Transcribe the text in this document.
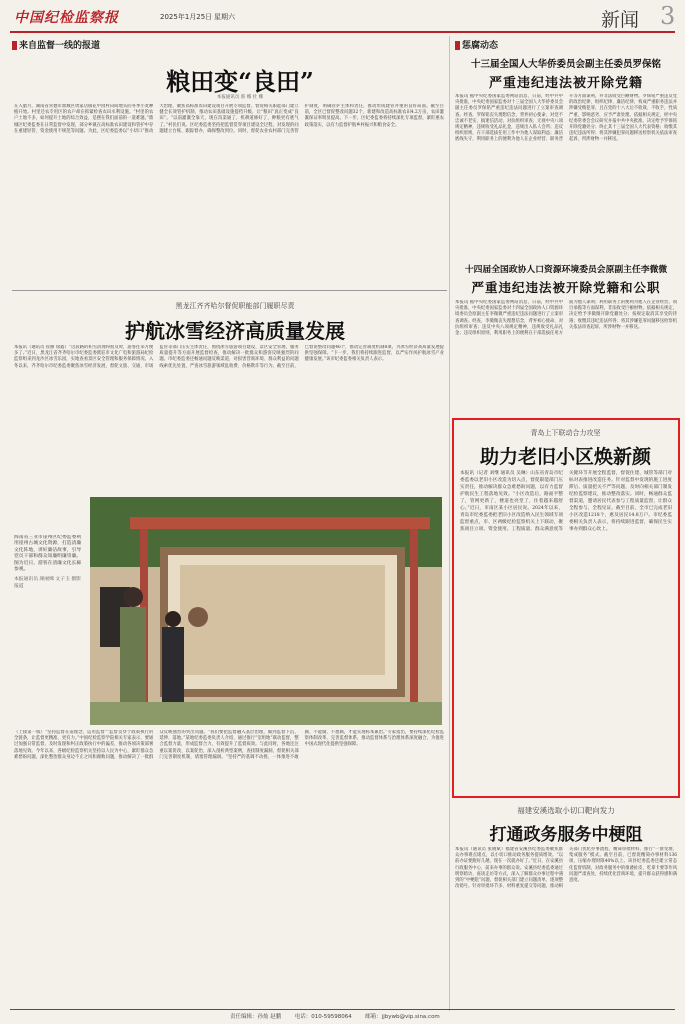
中国纪检监察报	2025年1月25日 星期六	新闻 3
来自监督一线的报道
粮田变“良田”
本报通讯员 蔡 娜 杜 娜
在入腊月，湖南省常德市鼎城区周家店镇花甲园村田间地头的冬季小麦种植开始。村里还农专用区的农户却在抓紧检查农田水利设施。“村里的农户土地不多，如何提升土地的综合效益，是摆在我们面前的一道难题。”鼎城区纪委监委在日常监督中发现，部分乡镇在高标准农田建设和管护中存在重建轻管、资金使用不规范等问题。为此，区纪委监委以“小切口”推动大治理，聚焦高标准农田建设项目开展专项监督，督促相关职能部门建立健全长效管护机制，推动农田基础设施提档升级，让“粮田”真正变成“良田”。“以前灌溉全靠天，现在沟渠通了，机耕道修好了，种粮更有底气了。”村民们说。区纪委监委坚持把监督贯穿项目建设全过程，对发现的问题建立台账、跟踪督办，确保整改到位。同时，督促农业农村部门完善管护制度，明确管护主体和责任，推动形成建管并重的良好局面。截至目前，全区已督促整改问题32个，新建和改造高标准农田4.2万亩，农田灌溉保证率明显提高。下一步，区纪委监委将持续深化专项监督，紧盯惠农政策落实，以有力监督护航乡村振兴和粮食安全。
黑龙江齐齐哈尔督促职能部门履职尽责
护航冰雪经济高质量发展
本报讯（通讯员 崔丽 徐鑫）“这段路的积雪清理得很及时，游客往来方便多了。”近日，黑龙江省齐齐哈尔市纪委监委派驻市文化广电和旅游局纪检监察组来到龙沙区冰雪乐园，实地查看景区安全管理和服务保障情况。入冬以来，齐齐哈尔市纪委监委聚焦冰雪经济发展，督促文旅、交通、市场监管等部门压实主体责任，围绕冰雪旅游项目建设、景区安全管理、服务质量提升等方面开展监督检查，推动解决一批群众和游客反映强烈的问题。市纪委监委还畅通问题反映渠道，对损害营商环境、群众利益的问题线索优先处置，严查冰雪旅游领域乱收费、价格欺诈等行为。截至目前，已督促整改问题46个，推动完善制度机制8项，为冰雪经济高质量发展提供坚强保障。“下一步，我们将持续跟进监督，以严实作风护航冰雪产业健康发展。”该市纪委监委相关负责人表示。
海南省三亚市崖州区纪委监委利用崖州古城文化资源，打造清廉文化阵地，讲好廉洁故事，引导党员干部和群众知廉明廉崇廉。图为近日，游客在清廉文化长廊参观。
本报通讯员 颜丽嫦 文子玉 摄影报道
（上接第一版）“坚持监督在前理念，运用监督”“监督贯穿于政策执行的全链条，让监督更精准、更有力。”中国纪检监察学院相关专家表示，要通过加强日常监督，及时发现和纠正政策执行中的偏差，推动各项决策部署落地见效。今年以来，各级纪检监察机关坚持以人民为中心，紧盯群众急难愁盼问题，深化整治群众身边不正之风和腐败问题，推动解决了一批群众反映强烈的突出问题。“我们要把监督融入基层治理，做到监督下沉、延伸、落地。”某地纪委监委负责人介绍，通过推行“室组地”联动监督，整合监督力量，形成监督合力，有效提升了监督质效。与此同时，各地还注重以案促改、以案促治，深入剖析典型案例，查找制度漏洞，督促相关部门完善制度机制，堵塞管理漏洞。“坚持严的基调不动摇，一体推进不敢腐、不能腐、不想腐，才能实现标本兼治。”专家指出，要持续深化纪检监察体制改革，完善监督体系，推动监督体系与治理体系深度融合，为推进中国式现代化提供坚强保障。
惩腐动态
十三届全国人大华侨委员会副主任委员罗保铭
严重违纪违法被开除党籍
本报讯 据中央纪委国家监委网站消息，日前，经中共中央批准，中央纪委国家监委对十三届全国人大华侨委员会副主任委员罗保铭严重违纪违法问题进行了立案审查调查。经查，罗保铭丧失理想信念，背弃初心使命，对党不忠诚不老实，搞迷信活动，对抗组织审查；无视中央八项规定精神，违规收受礼品礼金，违规出入私人会所；违反组织原则，在干部选拔任用工作中为他人谋取利益；廉洁底线失守，利用职务上的便利为他人在企业经营、职务晋升等方面谋利，并非法收受巨额财物。罗保铭严重违反党的政治纪律、组织纪律、廉洁纪律，构成严重职务违法并涉嫌受贿犯罪，且在党的十八大后不收敛、不收手，性质严重，影响恶劣，应予严肃处理。依据相关规定，经中央纪委常委会会议研究并报中共中央批准，决定给予罗保铭开除党籍处分；终止其十三届全国人大代表资格；收缴其违纪违法所得；将其涉嫌犯罪问题移送检察机关依法审查起诉，所涉财物一并移送。
十四届全国政协人口资源环境委员会原副主任李微微
严重违纪违法被开除党籍和公职
本报讯 据中央纪委国家监委网站消息，日前，经中共中央批准，中央纪委国家监委对十四届全国政协人口资源环境委员会原副主任李微微严重违纪违法问题进行了立案审查调查。经查，李微微丧失理想信念，背弃初心使命，对抗组织审查；违反中央八项规定精神，违规收受礼品礼金；违反组织原则，利用职务上的便利在干部选拔任用方面为他人谋利；利用职务上的便利为他人在企业经营、项目承揽等方面谋利，非法收受巨额财物。依据相关规定，决定给予李微微开除党籍处分；按规定取消其享受的待遇；收缴其违纪违法所得；将其涉嫌犯罪问题移送检察机关依法审查起诉，所涉财物一并移送。
青岛上下联动合力攻坚
助力老旧小区焕新颜
本报讯（记者 刘继 通讯员 吴琳）山东省青岛市纪委监委以老旧小区改造为切入点，督促职能部门压实责任，推动解决群众急难愁盼问题，以有力监督护航民生工程落地见效。“小区改造后，路面平整了，管网更新了，楼道也亮堂了，住着越来越舒心。”近日，市南区某小区居民说。2024年以来，青岛市纪委监委把老旧小区改造纳入民生领域专项监督重点，市、区两级纪检监察机关上下联动，聚焦项目立项、资金使用、工程质量、群众满意度等关键环节开展全程监督，督促住建、城管等部门对标对表推进改造任务。针对监督中发现的施工进度滞后、质量把关不严等问题，及时向相关部门制发纪检监察建议，推动整改落实。同时，畅通群众监督渠道，邀请居民代表参与工程质量监督，让群众全程参与、全程见证。截至目前，全市已完成老旧小区改造1218个，惠及居民14.8万户。市纪委监委相关负责人表示，将持续跟进监督，确保民生实事办到群众心坎上。
福建安溪选取小切口靶向发力
打通政务服务中梗阻
本报讯（通讯员 张晓斌）福建省安溪县纪委监委聚焦群众办事难点堵点，以小切口推动政务服务提质增效。“以前办证要跑好几趟，现在一次就办好了。”近日，在安溪县行政服务中心，前来办事的群众说。安溪县纪委监委通过明察暗访、座谈走访等方式，深入了解群众办事过程中遇到的“中梗阻”问题，督促相关部门建立问题清单，逐项整改销号。针对审批环节多、材料重复提交等问题，推动相关部门优化办事流程，精简审批材料，推行“一窗受理、集成服务”模式。截至目前，已督促精简办事材料136项，压缩办理时限40%以上。该县纪委监委还建立常态化监督机制，对政务服务中的推诿扯皮、吃拿卡要等作风问题严肃查处，持续优化营商环境，提升群众获得感和满意度。
责任编辑：孙灿 赵鹏 电话：010-59598064 邮箱：jjbywb@vip.sina.com
